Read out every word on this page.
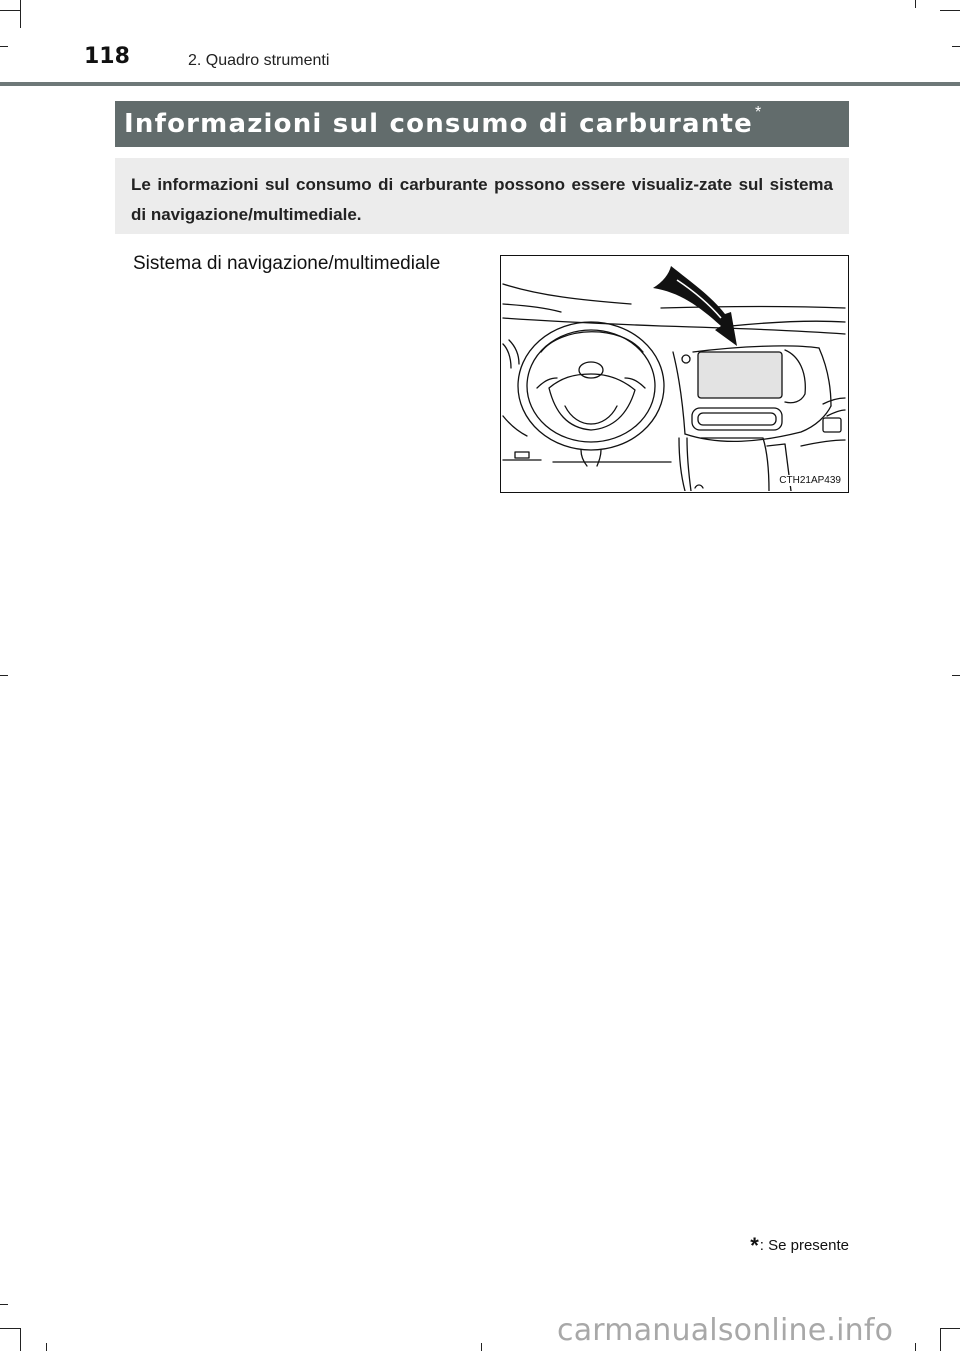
118	2. Quadro strumenti
Informazioni sul consumo di carburante *
Le informazioni sul consumo di carburante possono essere visualiz-zate sul sistema di navigazione/multimediale.
Sistema di navigazione/multimediale
CTH21AP439
* : Se presente
carmanualsonline.info
